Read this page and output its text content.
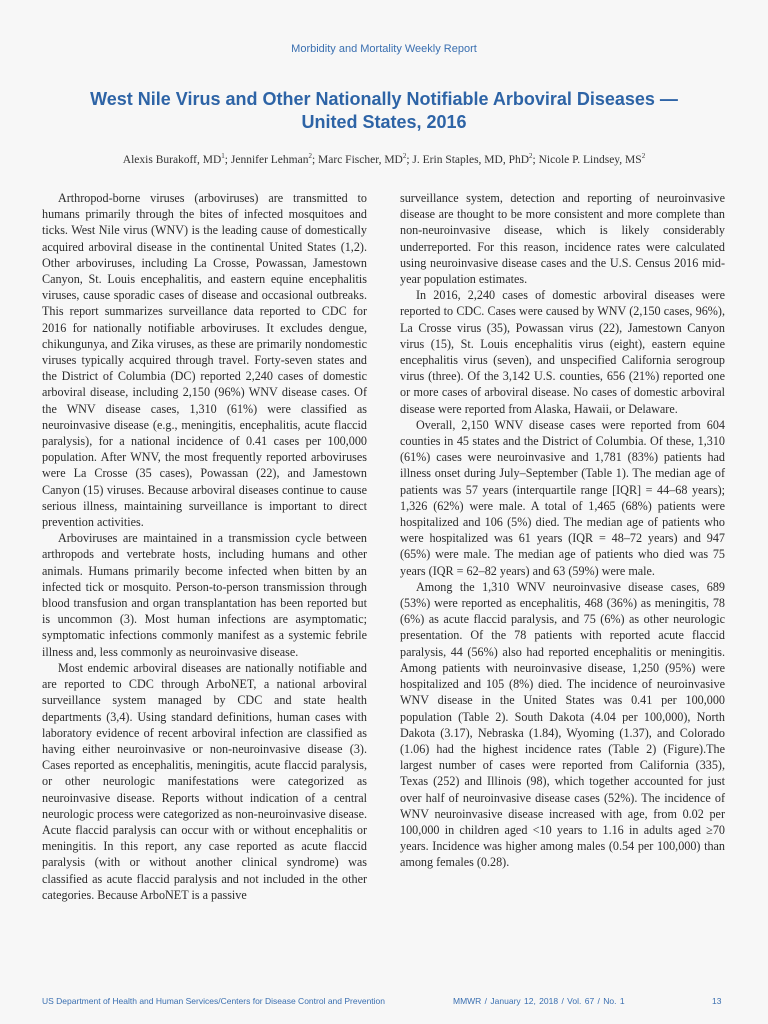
Morbidity and Mortality Weekly Report
West Nile Virus and Other Nationally Notifiable Arboviral Diseases —
United States, 2016
Alexis Burakoff, $MD^1$; Jennifer Lehman$^2$; Marc Fischer, $MD^2$; J. Erin Staples, MD, PhD$^2$; Nicole P. Lindsey, $MS^2$

Arthropod-borne viruses (arboviruses) are transmitted to humans primarily through the bites of infected mosquitoes and ticks. West Nile virus (WNV) is the leading cause of domestically acquired arboviral disease in the continental United States (1,2). Other arboviruses, including La Crosse, Powassan, Jamestown Canyon, St. Louis encephalitis, and eastern equine encephalitis viruses, cause sporadic cases of disease and occasional outbreaks. This report summarizes surveillance data reported to CDC for 2016 for nationally notifiable arboviruses. It excludes dengue, chikungunya, and Zika viruses, as these are primarily nondomestic viruses typically acquired through travel. Forty-seven states and the District of Columbia (DC) reported 2,240 cases of domestic arboviral disease, including 2,150 (96%) WNV disease cases. Of the WNV disease cases, 1,310 (61%) were classified as neuroinvasive disease (e.g., meningitis, encephalitis, acute flaccid paralysis), for a national incidence of 0.41 cases per 100,000 population. After WNV, the most frequently reported arboviruses were La Crosse (35 cases), Powassan (22), and Jamestown Canyon (15) viruses. Because arboviral diseases continue to cause serious illness, maintaining surveillance is important to direct prevention activities.

Arboviruses are maintained in a transmission cycle between arthropods and vertebrate hosts, including humans and other animals. Humans primarily become infected when bitten by an infected tick or mosquito. Person-to-person transmission through blood transfusion and organ transplantation has been reported but is uncommon (3). Most human infections are asymptomatic; symptomatic infections commonly manifest as a systemic febrile illness and, less commonly as neuroinvasive disease.

Most endemic arboviral diseases are nationally notifiable and are reported to CDC through ArboNET, a national arboviral surveillance system managed by CDC and state health departments (3,4). Using standard definitions, human cases with laboratory evidence of recent arboviral infection are classified as having either neuroinvasive or non-neuroinvasive disease (3). Cases reported as encephalitis, meningitis, acute flaccid paralysis, or other neurologic manifestations were categorized as neuroinvasive disease. Reports without indication of a central neurologic process were categorized as non-neuroinvasive disease. Acute flaccid paralysis can occur with or without encephalitis or meningitis. In this report, any case reported as acute flaccid paralysis (with or without another clinical syndrome) was classified as acute flaccid paralysis and not included in the other categories. Because ArboNET is a passive

surveillance system, detection and reporting of neuroinvasive disease are thought to be more consistent and more complete than non-neuroinvasive disease, which is likely considerably underreported. For this reason, incidence rates were calculated using neuroinvasive disease cases and the U.S. Census 2016 mid-year population estimates.

In 2016, 2,240 cases of domestic arboviral diseases were reported to CDC. Cases were caused by WNV (2,150 cases, 96%), La Crosse virus (35), Powassan virus (22), Jamestown Canyon virus (15), St. Louis encephalitis virus (eight), eastern equine encephalitis virus (seven), and unspecified California serogroup virus (three). Of the 3,142 U.S. counties, 656 (21%) reported one or more cases of arboviral disease. No cases of domestic arboviral disease were reported from Alaska, Hawaii, or Delaware.

Overall, 2,150 WNV disease cases were reported from 604 counties in 45 states and the District of Columbia. Of these, 1,310 (61%) cases were neuroinvasive and 1,781 (83%) patients had illness onset during July–September (Table 1). The median age of patients was 57 years (interquartile range [IQR] = 44–68 years); 1,326 (62%) were male. A total of 1,465 (68%) patients were hospitalized and 106 (5%) died. The median age of patients who were hospitalized was 61 years (IQR = 48–72 years) and 947 (65%) were male. The median age of patients who died was 75 years (IQR = 62–82 years) and 63 (59%) were male.

Among the 1,310 WNV neuroinvasive disease cases, 689 (53%) were reported as encephalitis, 468 (36%) as meningitis, 78 (6%) as acute flaccid paralysis, and 75 (6%) as other neurologic presentation. Of the 78 patients with reported acute flaccid paralysis, 44 (56%) also had reported encephalitis or meningitis. Among patients with neuroinvasive disease, 1,250 (95%) were hospitalized and 105 (8%) died. The incidence of neuroinvasive WNV disease in the United States was 0.41 per 100,000 population (Table 2). South Dakota (4.04 per 100,000), North Dakota (3.17), Nebraska (1.84), Wyoming (1.37), and Colorado (1.06) had the highest incidence rates (Table 2) (Figure).The largest number of cases were reported from California (335), Texas (252) and Illinois (98), which together accounted for just over half of neuroinvasive disease cases (52%). The incidence of WNV neuroinvasive disease increased with age, from 0.02 per 100,000 in children aged <10 years to 1.16 in adults aged ≥70 years. Incidence was higher among males (0.54 per 100,000) than among females (0.28).

US Department of Health and Human Services/Centers for Disease Control and Prevention	MMWR / January 12, 2018 / Vol. 67 / No. 1	13
